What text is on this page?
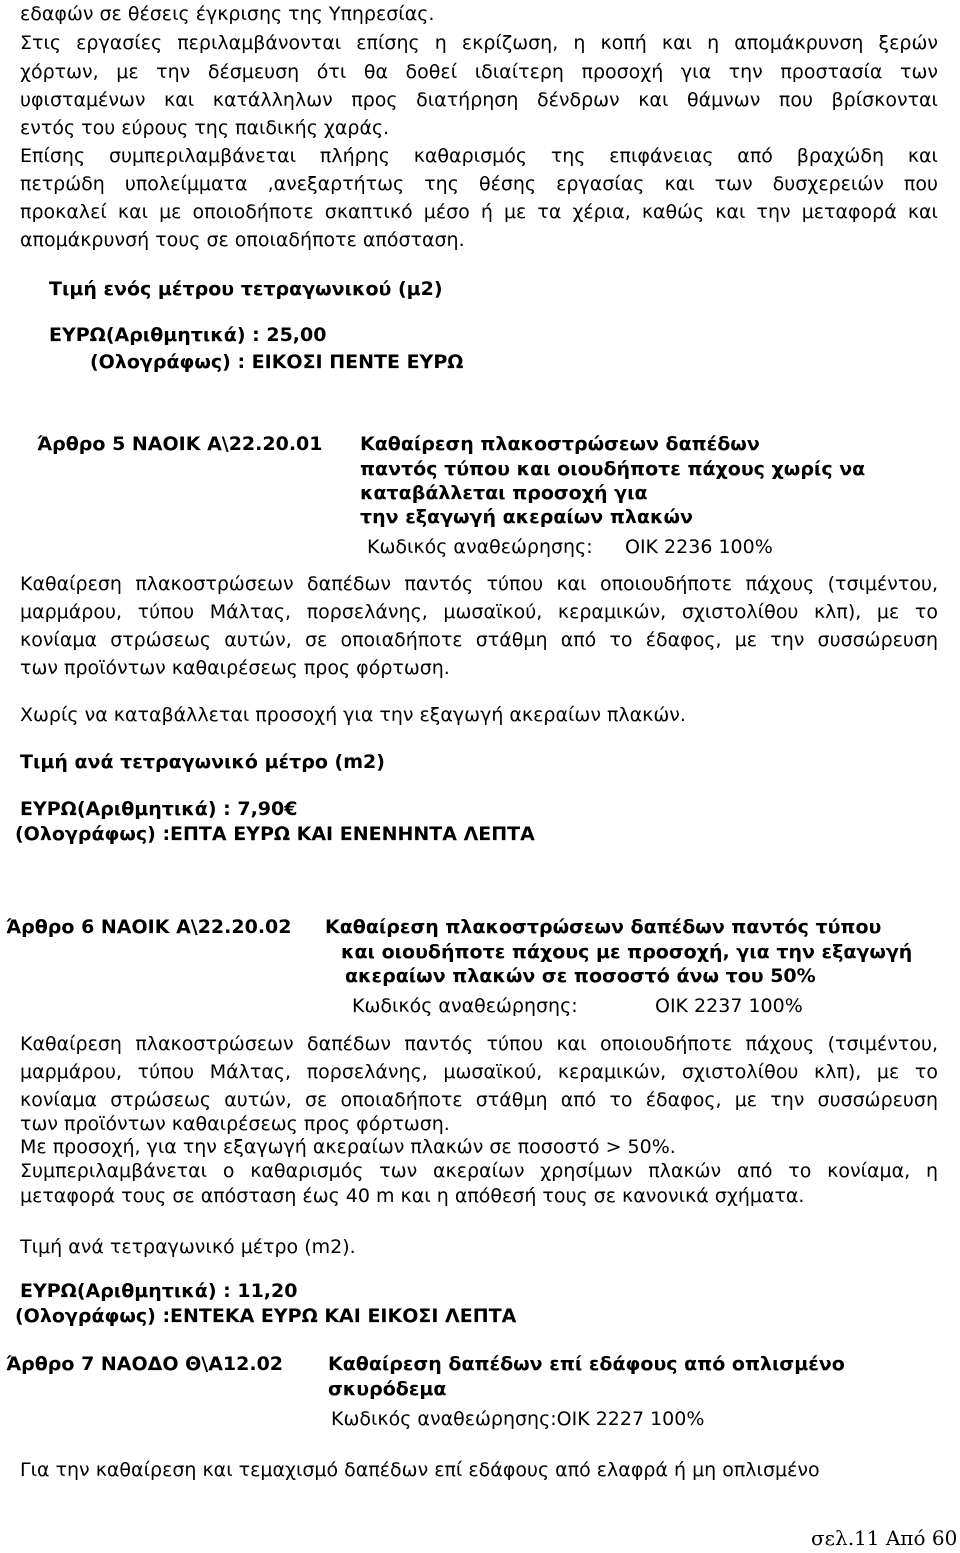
εδαφών σε θέσεις έγκρισης της Υπηρεσίας.
Στις εργασίες περιλαμβάνονται επίσης η εκρίζωση, η κοπή και η απομάκρυνση ξερών
χόρτων, με την δέσμευση ότι θα δοθεί ιδιαίτερη προσοχή για την προστασία των
υφισταμένων και κατάλληλων προς διατήρηση δένδρων και θάμνων που βρίσκονται
εντός του εύρους της παιδικής χαράς.
Επίσης συμπεριλαμβάνεται πλήρης καθαρισμός της επιφάνειας από βραχώδη και
πετρώδη υπολείμματα ,ανεξαρτήτως της θέσης εργασίας και των δυσχερειών που
προκαλεί και με οποιοδήποτε σκαπτικό μέσο ή με τα χέρια, καθώς και την μεταφορά και
απομάκρυνσή τους σε οποιαδήποτε απόσταση.
Τιμή ενός μέτρου τετραγωνικού (μ2)
ΕΥΡΩ(Αριθμητικά) : 25,00
(Ολογράφως) : ΕΙΚΟΣΙ ΠΕΝΤΕ ΕΥΡΩ
Άρθρο 5 ΝΑΟΙΚ Α\22.20.01 Καθαίρεση πλακοστρώσεων δαπέδων
παντός τύπου και οιουδήποτε πάχους χωρίς να
καταβάλλεται προσοχή για
την εξαγωγή ακεραίων πλακών
Κωδικός αναθεώρησης: ΟΙΚ 2236 100%
Καθαίρεση πλακοστρώσεων δαπέδων παντός τύπου και οποιουδήποτε πάχους (τσιμέντου,
μαρμάρου, τύπου Μάλτας, πορσελάνης, μωσαϊκού, κεραμικών, σχιστολίθου κλπ), με το
κονίαμα στρώσεως αυτών, σε οποιαδήποτε στάθμη από το έδαφος, με την συσσώρευση
των προϊόντων καθαιρέσεως προς φόρτωση.
Χωρίς να καταβάλλεται προσοχή για την εξαγωγή ακεραίων πλακών.
Τιμή ανά τετραγωνικό μέτρο (m2)
ΕΥΡΩ(Αριθμητικά) : 7,90€
(Ολογράφως) :ΕΠΤΑ ΕΥΡΩ ΚΑΙ ΕΝΕΝΗΝΤΑ ΛΕΠΤΑ
Άρθρο 6 ΝΑΟΙΚ Α\22.20.02 Καθαίρεση πλακοστρώσεων δαπέδων παντός τύπου
και οιουδήποτε πάχους με προσοχή, για την εξαγωγή
ακεραίων πλακών σε ποσοστό άνω του 50%
Κωδικός αναθεώρησης:	ΟΙΚ 2237 100%
Καθαίρεση πλακοστρώσεων δαπέδων παντός τύπου και οποιουδήποτε πάχους (τσιμέντου,
μαρμάρου, τύπου Μάλτας, πορσελάνης, μωσαϊκού, κεραμικών, σχιστολίθου κλπ), με το
κονίαμα στρώσεως αυτών, σε οποιαδήποτε στάθμη από το έδαφος, με την συσσώρευση
των προϊόντων καθαιρέσεως προς φόρτωση.
Με προσοχή, για την εξαγωγή ακεραίων πλακών σε ποσοστό > 50%.
Συμπεριλαμβάνεται ο καθαρισμός των ακεραίων χρησίμων πλακών από το κονίαμα, η
μεταφορά τους σε απόσταση έως 40 m και η απόθεσή τους σε κανονικά σχήματα.
Τιμή ανά τετραγωνικό μέτρο (m2).
ΕΥΡΩ(Αριθμητικά) : 11,20
(Ολογράφως) :ΕΝΤΕΚΑ ΕΥΡΩ ΚΑΙ ΕΙΚΟΣΙ ΛΕΠΤΑ
Άρθρο 7 ΝΑΟΔΟ Θ\Α12.02 Καθαίρεση δαπέδων επί εδάφους από οπλισμένο
σκυρόδεμα
Κωδικός αναθεώρησης:ΟΙΚ 2227 100%
Για την καθαίρεση και τεμαχισμό δαπέδων επί εδάφους από ελαφρά ή μη οπλισμένο
σελ.11 Από 60
